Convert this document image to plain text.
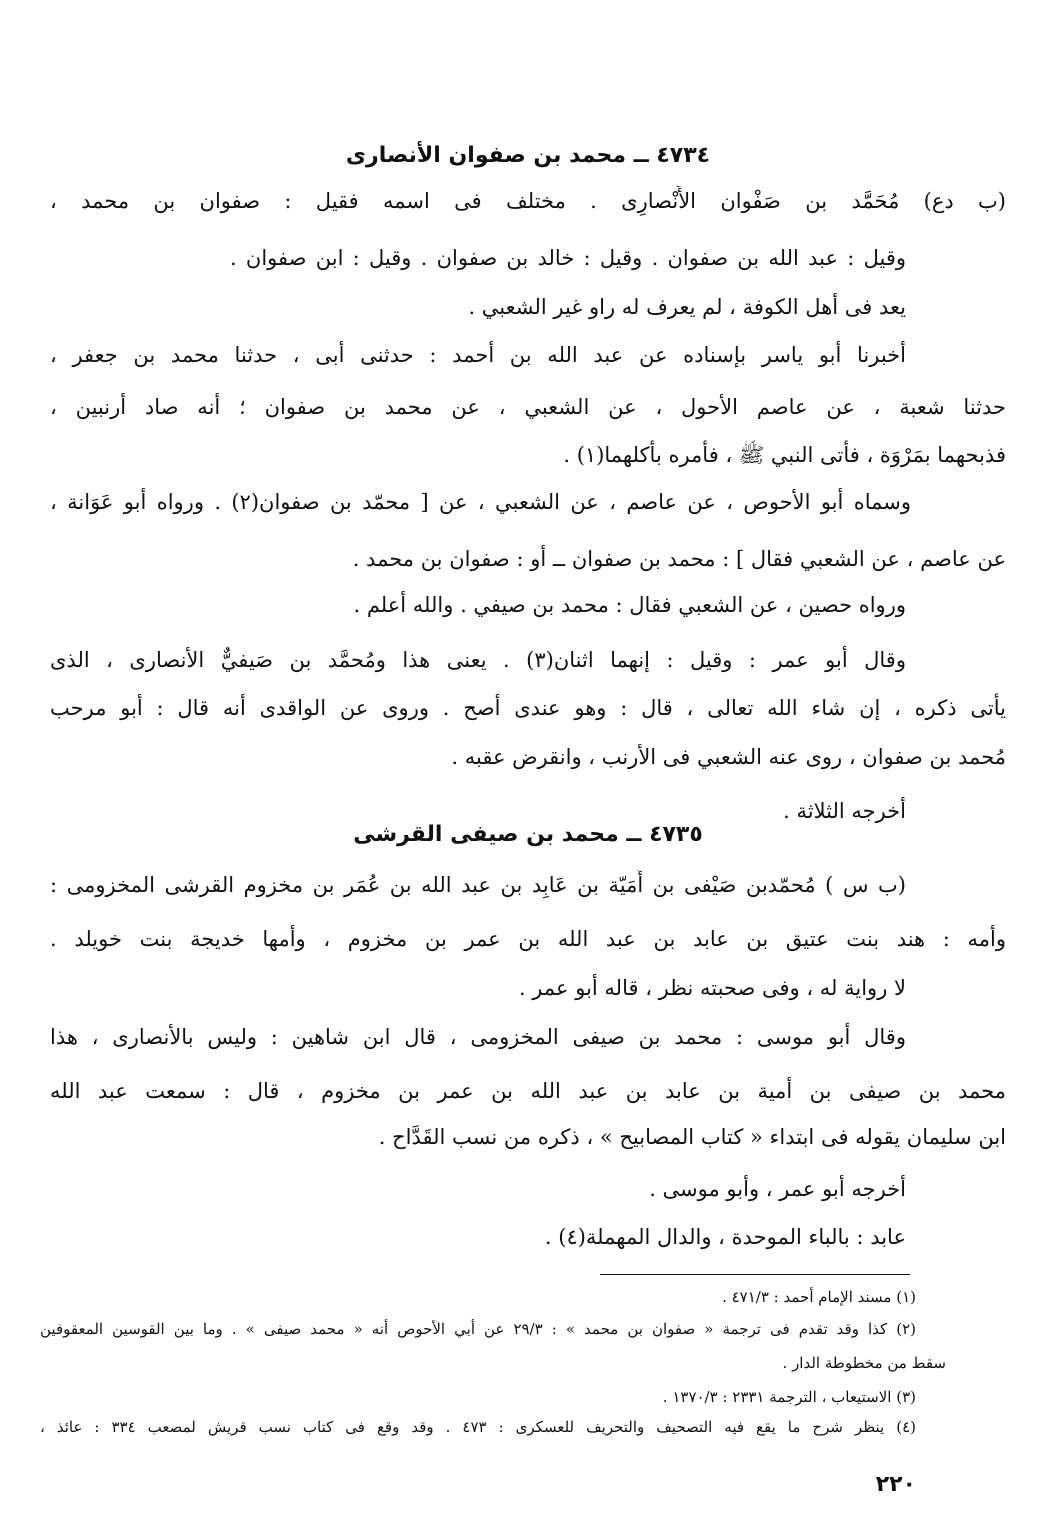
٤٧٣٤ ــ محمد بن صفوان الأنصارى
(ب دع) مُحَمَّد بن صَفْوان الأَنْصارِى . مختلف فى اسمه فقيل : صفوان بن محمد ،
وقيل : عبد الله بن صفوان . وقيل : خالد بن صفوان . وقيل : ابن صفوان .
يعد فى أهل الكوفة ، لم يعرف له راو غير الشعبي .
أخبرنا أبو ياسر بإسناده عن عبد الله بن أحمد : حدثنى أبى ، حدثنا محمد بن جعفر ،
حدثنا شعبة ، عن عاصم الأحول ، عن الشعبي ، عن محمد بن صفوان ؛ أنه صاد أرنبين ،
فذبحهما بمَرْوَة ، فأتى النبي ﷺ ، فأمره بأكلهما(١) .
وسماه أبو الأحوص ، عن عاصم ، عن الشعبي ، عن [ محمّد بن صفوان(٢) . ورواه أبو عَوَانة ،
عن عاصم ، عن الشعبي فقال ] : محمد بن صفوان ــ أو : صفوان بن محمد .
ورواه حصين ، عن الشعبي فقال : محمد بن صيفي . والله أعلم .
وقال أبو عمر : وقيل : إنهما اثنان(٣) . يعنى هذا ومُحمَّد بن صَيفيٌّ الأنصارى ، الذى
يأتى ذكره ، إن شاء الله تعالى ، قال : وهو عندى أصح . وروى عن الواقدى أنه قال : أبو مرحب
مُحمد بن صفوان ، روى عنه الشعبي فى الأرنب ، وانقرض عقبه .
أخرجه الثلاثة .
٤٧٣٥ ــ محمد بن صيفى القرشى
(ب س ) مُحمّدبن صَيْفى بن أُمَيّة بن عَابِد بن عبد الله بن عُمَر بن مخزوم القرشى المخزومى :
وأمه : هند بنت عتيق بن عابد بن عبد الله بن عمر بن مخزوم ، وأمها خديجة بنت خويلد .
لا رواية له ، وفى صحبته نظر ، قاله أبو عمر .
وقال أبو موسى : محمد بن صيفى المخزومى ، قال ابن شاهين : وليس بالأنصارى ، هذا
محمد بن صيفى بن أمية بن عابد بن عبد الله بن عمر بن مخزوم ، قال : سمعت عبد الله
ابن سليمان يقوله فى ابتداء « كتاب المصابيح » ، ذكره من نسب القَدَّاح .
أخرجه أبو عمر ، وأبو موسى .
عابد : بالباء الموحدة ، والدال المهملة(٤) .
(١) مسند الإمام أحمد : ٤٧١/٣ .
(٢) كذا وقد تقدم فى ترجمة « صفوان بن محمد » : ٢٩/٣ عن أبي الأحوص أنه « محمد صيفى » . وما بين القوسين المعقوفين
سقط من مخطوطة الدار .
(٣) الاستيعاب ، الترجمة ٢٣٣١ : ١٣٧٠/٣ .
(٤) ينظر شرح ما يقع فيه التصحيف والتحريف للعسكرى : ٤٧٣ . وقد وقع فى كتاب نسب قريش لمصعب ٣٣٤ : عائذ ،
٢٢٠
